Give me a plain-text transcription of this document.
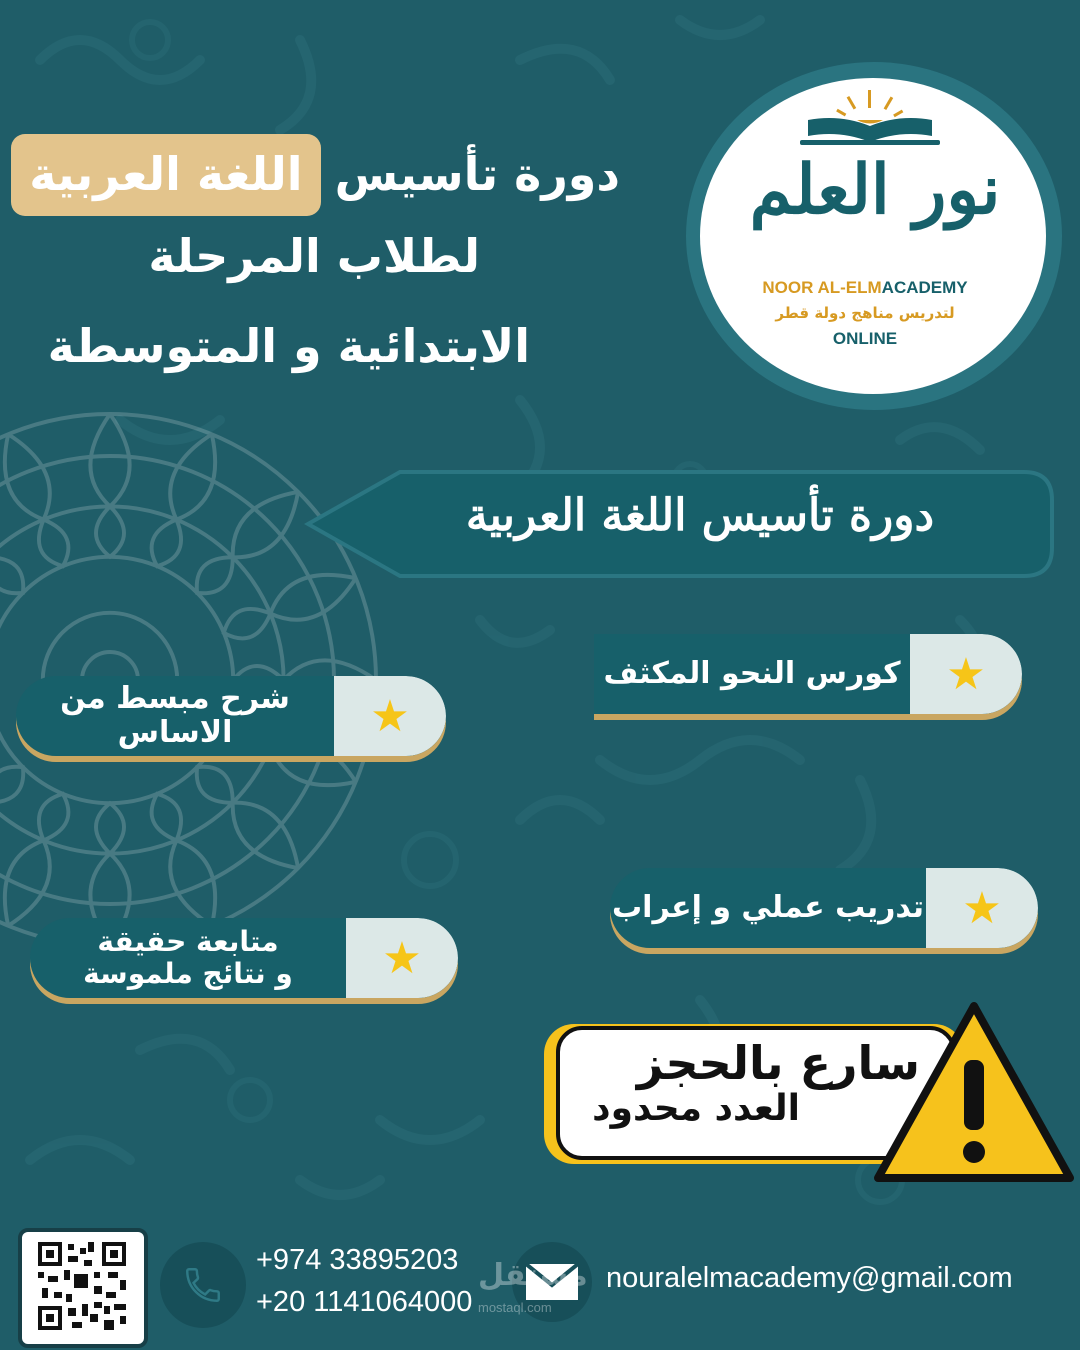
دورة تأسيس
اللغة العربية
لطلاب المرحلة
الابتدائية و المتوسطة
نور العلم
NOOR AL-ELMACADEMY
لتدريس مناهج دولة قطر
ONLINE
دورة تأسيس اللغة العربية
★
كورس النحو المكثف
★
شرح مبسط من الاساس
★
تدريب عملي و إعراب
★
متابعة حقيقة
و نتائج ملموسة
سارع بالحجز
العدد محدود
+974 33895203
+20 1141064000
مستقل
mostaql.com
nouralelmacademy@gmail.com
